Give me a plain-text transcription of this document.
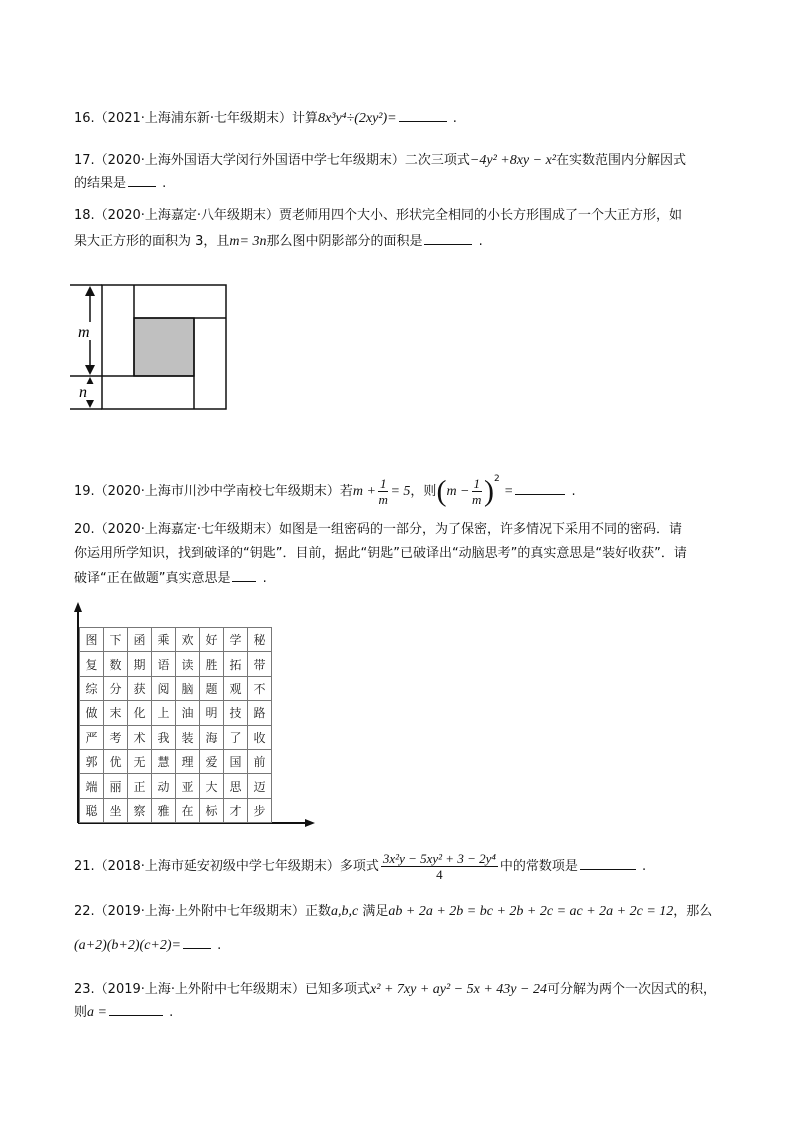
16.（2021·上海浦东新·七年级期末）计算8x³y⁴÷(2xy²)=	.
17.（2020·上海外国语大学闵行外国语中学七年级期末）二次三项式−4y² +8xy − x²在实数范围内分解因式
的结果是	.
18.（2020·上海嘉定·八年级期末）贾老师用四个大小、形状完全相同的小长方形围成了一个大正方形，如
果大正方形的面积为 3，且m= 3n那么图中阴影部分的面积是	.
m
n
19.（2020·上海市川沙中学南校七年级期末）若$m + \frac{1}{m} = 5$，则$(m - \frac{1}{m} )^2$ =	.
20.（2020·上海嘉定·七年级期末）如图是一组密码的一部分，为了保密，许多情况下采用不同的密码．请
你运用所学知识，找到破译的“钥匙”．目前，据此“钥匙”已破译出“动脑思考”的真实意思是“装好收获”．请
破译“正在做题”真实意思是 .
图	下	函	乘	欢	好	学	秘
复	数	期	语	读	胜	拓	带
综	分	获	阅	脑	题	观	不
做	末	化	上	油	明	技	路
严	考	术	我	装	海	了	收
郭	优	无	慧	理	爱	国	前
端	丽	正	动	亚	大	思	迈
聪	坐	察	雅	在	标	才	步
21.（2018·上海市延安初级中学七年级期末）多项式 $\frac{\text{3x²y − 5xy² + 3 − 2y⁴}}{4}$ 中的常数项是	.
22.（2019·上海·上外附中七年级期末）正数a,b,c 满足ab + 2a + 2b = bc + 2b + 2c = ac + 2a + 2c = 12，那么
(a+2)(b+2)(c+2)=	.
23.（2019·上海·上外附中七年级期末）已知多项式x² + 7xy + ay² − 5x + 43y − 24可分解为两个一次因式的积，
则a =	.
